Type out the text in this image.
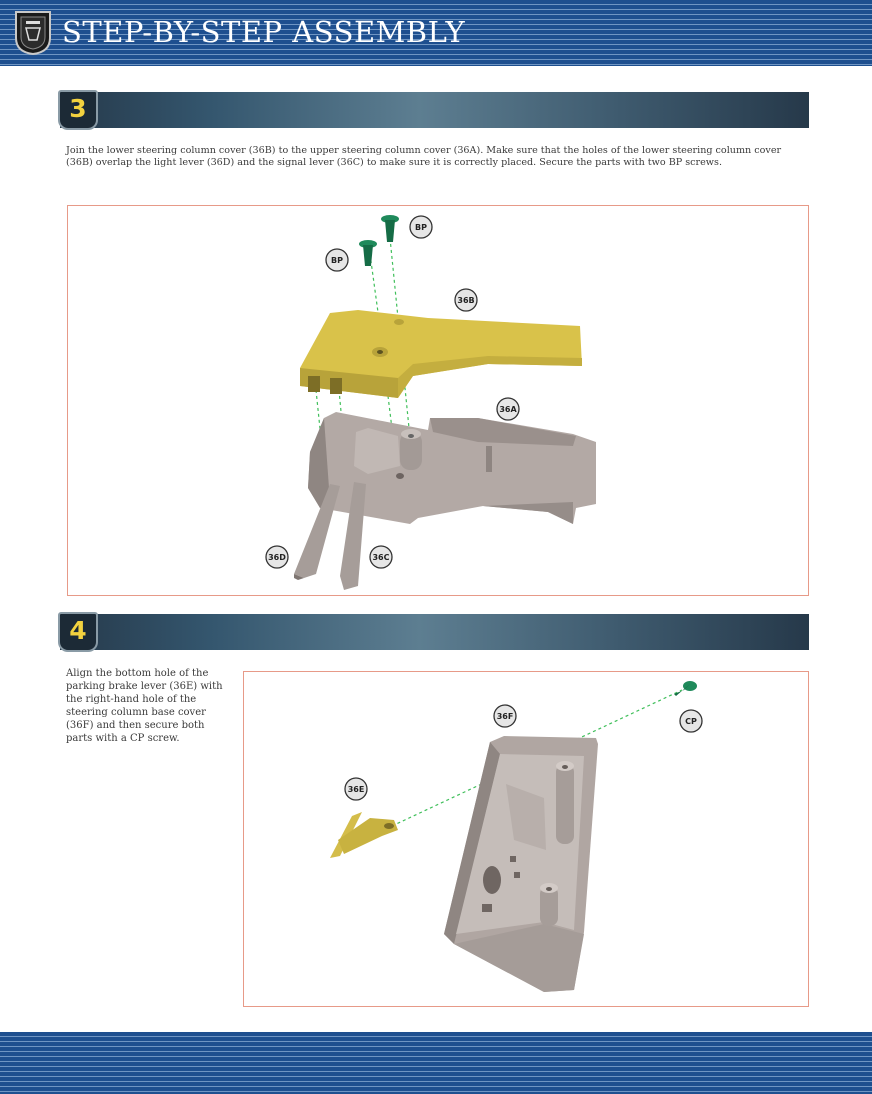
STEP-BY-STEP ASSEMBLY
3
Join the lower steering column cover (36B) to the upper steering column cover (36A). Make sure that the holes of the lower steering column cover (36B) overlap the light lever (36D) and the signal lever (36C) to make sure it is correctly placed. Secure the parts with two BP screws.
BP
BP
36B
36A
36D	36C
4
Align the bottom hole of the parking brake lever (36E) with the right-hand hole of the steering column base cover (36F) and then secure both parts with a CP screw.
36F
CP
36E
